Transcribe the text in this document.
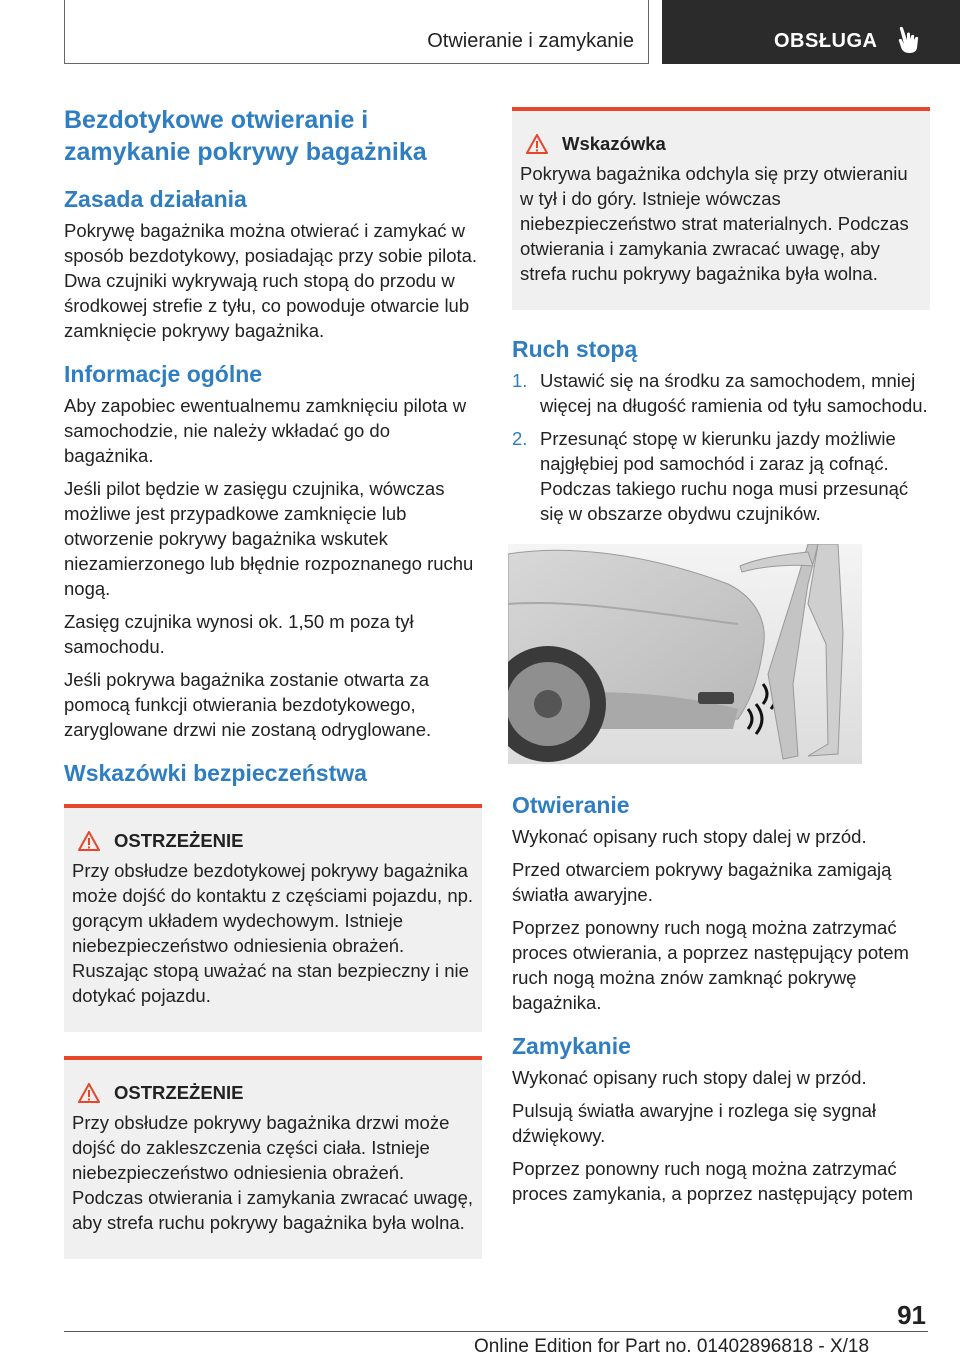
Otwieranie i zamykanie	OBSŁUGA
Bezdotykowe otwieranie i zamykanie pokrywy bagażnika
Zasada działania

Pokrywę bagażnika można otwierać i zamykać w sposób bezdotykowy, posiadając przy sobie pilota. Dwa czujniki wykrywają ruch stopą do przodu w środkowej strefie z tyłu, co powoduje otwarcie lub zamknięcie pokrywy bagażnika.

Informacje ogólne

Aby zapobiec ewentualnemu zamknięciu pilota w samochodzie, nie należy wkładać go do bagażnika.

Jeśli pilot będzie w zasięgu czujnika, wówczas możliwe jest przypadkowe zamknięcie lub otworzenie pokrywy bagażnika wskutek niezamierzonego lub błędnie rozpoznanego ruchu nogą.

Zasięg czujnika wynosi ok. 1,50 m poza tył samochodu.

Jeśli pokrywa bagażnika zostanie otwarta za pomocą funkcji otwierania bezdotykowego, zaryglowane drzwi nie zostaną odryglowane.

Wskazówki bezpieczeństwa
OSTRZEŻENIE

Przy obsłudze bezdotykowej pokrywy bagażnika może dojść do kontaktu z częściami pojazdu, np. gorącym układem wydechowym. Istnieje niebezpieczeństwo odniesienia obrażeń. Ruszając stopą uważać na stan bezpieczny i nie dotykać pojazdu.

OSTRZEŻENIE

Przy obsłudze pokrywy bagażnika drzwi może dojść do zakleszczenia części ciała. Istnieje niebezpieczeństwo odniesienia obrażeń. Podczas otwierania i zamykania zwracać uwagę, aby strefa ruchu pokrywy bagażnika była wolna.

Wskazówka

Pokrywa bagażnika odchyla się przy otwieraniu w tył i do góry. Istnieje wówczas niebezpieczeństwo strat materialnych. Podczas otwierania i zamykania zwracać uwagę, aby strefa ruchu pokrywy bagażnika była wolna.

Ruch stopą
1. Ustawić się na środku za samochodem, mniej więcej na długość ramienia od tyłu samochodu.
2. Przesunąć stopę w kierunku jazdy możliwie najgłębiej pod samochód i zaraz ją cofnąć. Podczas takiego ruchu noga musi przesunąć się w obszarze obydwu czujników.
Otwieranie

Wykonać opisany ruch stopy dalej w przód.

Przed otwarciem pokrywy bagażnika zamigają światła awaryjne.

Poprzez ponowny ruch nogą można zatrzymać proces otwierania, a poprzez następujący potem ruch nogą można znów zamknąć pokrywę bagażnika.

Zamykanie

Wykonać opisany ruch stopy dalej w przód.

Pulsują światła awaryjne i rozlega się sygnał dźwiękowy.

Poprzez ponowny ruch nogą można zatrzymać proces zamykania, a poprzez następujący potem

91
Online Edition for Part no. 01402896818 - X/18
